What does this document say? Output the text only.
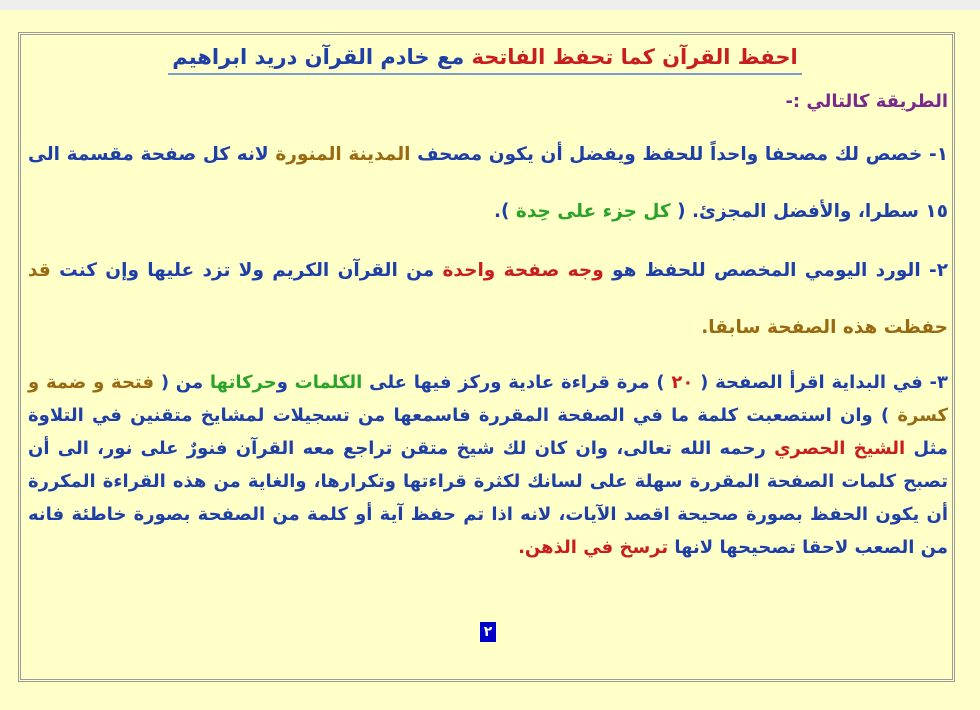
احفظ القرآن كما تحفظ الفاتحة مع خادم القرآن دريد ابراهيم

الطريقة كالتالي :-

١- خصص لك مصحفا واحداً للحفظ ويفضل أن يكون مصحف المدينة المنورة لانه كل صفحة مقسمة الى ١٥ سطرا، والأفضل المجزئ. ( كل جزء على حِدة ).

٢- الورد اليومي المخصص للحفظ هو وجه صفحة واحدة من القرآن الكريم ولا تزد عليها وإن كنت قد حفظت هذه الصفحة سابقا.

٣- في البداية اقرأ الصفحة ( ٢٠ ) مرة قراءة عادية وركز فيها على الكلمات وحركاتها من ( فتحة و ضمة و كسرة ) وان استصعبت كلمة ما في الصفحة المقررة فاسمعها من تسجيلات لمشايخ متقنين في التلاوة مثل الشيخ الحصري رحمه الله تعالى، وان كان لك شيخ متقن تراجع معه القرآن فنورٌ على نور، الى أن تصبح كلمات الصفحة المقررة سهلة على لسانك لكثرة قراءتها وتكرارها، والغاية من هذه القراءة المكررة أن يكون الحفظ بصورة صحيحة اقصد الآيات، لانه اذا تم حفظ آية أو كلمة من الصفحة بصورة خاطئة فانه من الصعب لاحقا تصحيحها لانها ترسخ في الذهن.

٢
